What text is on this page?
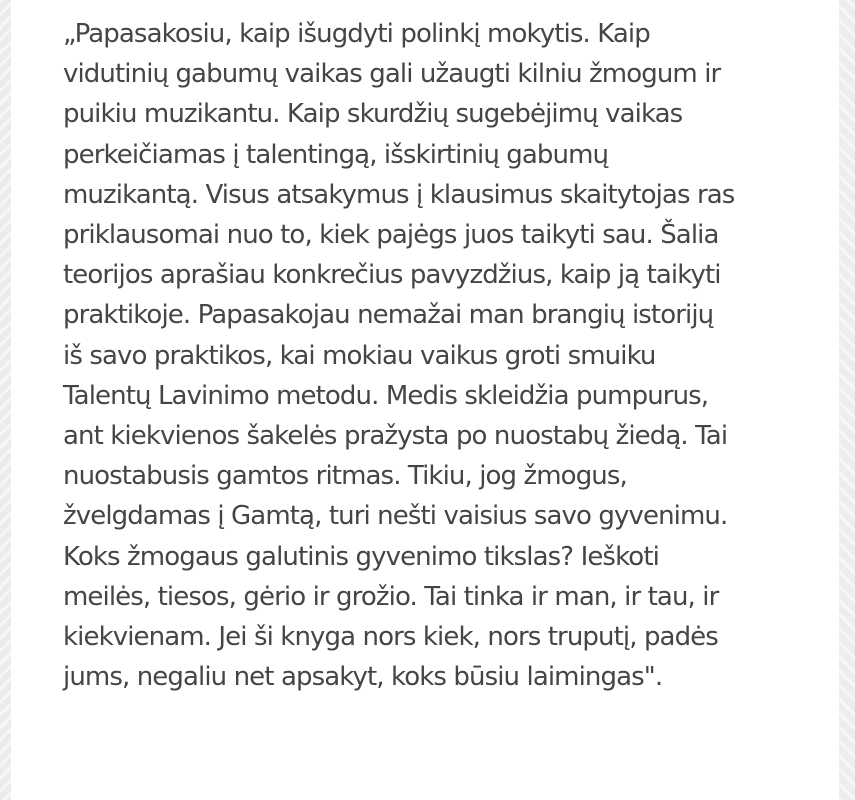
„Papasakosiu, kaip išugdyti polinkį mokytis. Kaip
vidutinių gabumų vaikas gali užaugti kilniu žmogum ir
puikiu muzikantu. Kaip skurdžių sugebėjimų vaikas
perkeičiamas į talentingą, išskirtinių gabumų
muzikantą. Visus atsakymus į klausimus skaitytojas ras
priklausomai nuo to, kiek pajėgs juos taikyti sau. Šalia
teorijos aprašiau konkrečius pavyzdžius, kaip ją taikyti
praktikoje. Papasakojau nemažai man brangių istorijų
iš savo praktikos, kai mokiau vaikus groti smuiku
Talentų Lavinimo metodu. Medis skleidžia pumpurus,
ant kiekvienos šakelės pražysta po nuostabų žiedą. Tai
nuostabusis gamtos ritmas. Tikiu, jog žmogus,
žvelgdamas į Gamtą, turi nešti vaisius savo gyvenimu.
Koks žmogaus galutinis gyvenimo tikslas? Ieškoti
meilės, tiesos, gėrio ir grožio. Tai tinka ir man, ir tau, ir
kiekvienam. Jei ši knyga nors kiek, nors truputį, padės
jums, negaliu net apsakyt, koks būsiu laimingas".
